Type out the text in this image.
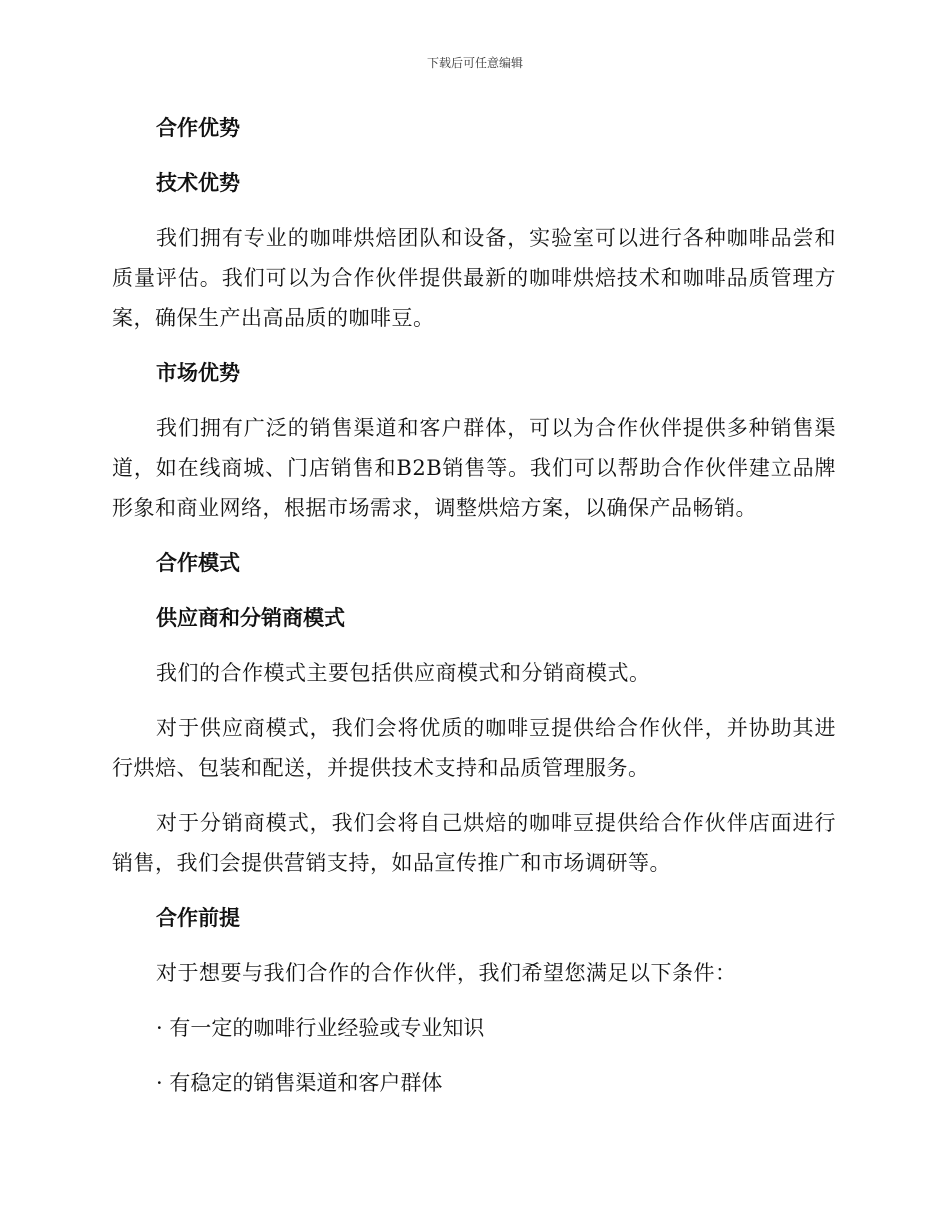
下载后可任意编辑
合作优势
技术优势

我们拥有专业的咖啡烘焙团队和设备，实验室可以进行各种咖啡品尝和质量评估。我们可以为合作伙伴提供最新的咖啡烘焙技术和咖啡品质管理方案，确保生产出高品质的咖啡豆。

市场优势

我们拥有广泛的销售渠道和客户群体，可以为合作伙伴提供多种销售渠道，如在线商城、门店销售和B2B销售等。我们可以帮助合作伙伴建立品牌形象和商业网络，根据市场需求，调整烘焙方案，以确保产品畅销。

合作模式
供应商和分销商模式

我们的合作模式主要包括供应商模式和分销商模式。

对于供应商模式，我们会将优质的咖啡豆提供给合作伙伴，并协助其进行烘焙、包装和配送，并提供技术支持和品质管理服务。

对于分销商模式，我们会将自己烘焙的咖啡豆提供给合作伙伴店面进行销售，我们会提供营销支持，如品宣传推广和市场调研等。

合作前提

对于想要与我们合作的合作伙伴，我们希望您满足以下条件：

· 有一定的咖啡行业经验或专业知识
· 有稳定的销售渠道和客户群体
